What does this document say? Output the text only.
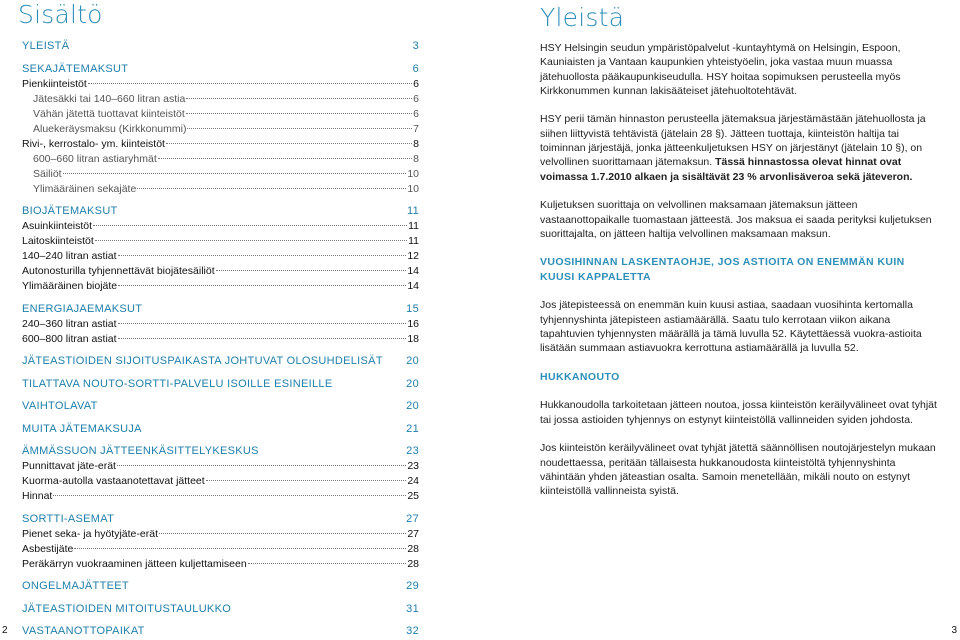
Sisältö
YLEISTÄ	3
SEKAJÄTEMAKSUT	6
Pienkiinteistöt	6
Jätesäkki tai 140–660 litran astia	6
Vähän jätettä tuottavat kiinteistöt	6
Aluekeräysmaksu (Kirkkonummi)	7
Rivi-, kerrostalo- ym. kiinteistöt	8
600–660 litran astiaryhmät	8
Säiliöt	10
Ylimääräinen sekajäte	10
BIOJÄTEMAKSUT	11
Asuinkiinteistöt	11
Laitoskiinteistöt	11
140–240 litran astiat	12
Autonosturilla tyhjennettävät biojätesäiliöt	14
Ylimääräinen biojäte	14
ENERGIAJAEMAKSUT	15
240–360 litran astiat	16
600–800 litran astiat	18
JÄTEASTIOIDEN SIJOITUSPAIKASTA JOHTUVAT OLOSUHDELISÄT 20
TILATTAVA NOUTO-SORTTI-PALVELU ISOILLE ESINEILLE	20
VAIHTOLAVAT	20
MUITA JÄTEMAKSUJA	21
ÄMMÄSSUON JÄTTEENKÄSITTELYKESKUS	23
Punnittavat jäte-erät	23
Kuorma-autolla vastaanotettavat jätteet	24
Hinnat	25
SORTTI-ASEMAT	27
Pienet seka- ja hyötyjäte-erät	27
Asbestijäte	28
Peräkärryn vuokraaminen jätteen kuljettamiseen	28
ONGELMAJÄTTEET	29
JÄTEASTIOIDEN MITOITUSTAULUKKO	31
VASTAANOTTOPAIKAT	32
2
Yleistä

HSY Helsingin seudun ympäristöpalvelut -kuntayhtymä on Helsingin, Espoon, Kauniaisten ja Vantaan kaupunkien yhteistyöelin, joka vastaa muun muassa jätehuollosta pääkaupunkiseudulla. HSY hoitaa sopimuksen perusteella myös Kirkkonummen kunnan lakisääteiset jätehuoltotehtävät.

HSY perii tämän hinnaston perusteella jätemaksua järjestämästään jätehuollosta ja siihen liittyvistä tehtävistä (jätelain 28 §). Jätteen tuottaja, kiinteistön haltija tai toiminnan järjestäjä, jonka jätteenkuljetuksen HSY on järjestänyt (jätelain 10 §), on velvollinen suorittamaan jätemaksun. Tässä hinnastossa olevat hinnat ovat voimassa 1.7.2010 alkaen ja sisältävät 23 % arvonlisäveroa sekä jäteveron.

Kuljetuksen suorittaja on velvollinen maksamaan jätemaksun jätteen vastaanottopaikalle tuomastaan jätteestä. Jos maksua ei saada perityksi kuljetuksen suorittajalta, on jätteen haltija velvollinen maksamaan maksun.

VUOSIHINNAN LASKENTAOHJE, JOS ASTIOITA ON ENEMMÄN KUIN KUUSI KAPPALETTA

Jos jätepisteessä on enemmän kuin kuusi astiaa, saadaan vuosihinta kertomalla tyhjennyshinta jätepisteen astiamäärällä. Saatu tulo kerrotaan viikon aikana tapahtuvien tyhjennysten määrällä ja tämä luvulla 52. Käytettäessä vuokra-astioita lisätään summaan astiavuokra kerrottuna astiamäärällä ja luvulla 52.

HUKKANOUTO

Hukkanoudolla tarkoitetaan jätteen noutoa, jossa kiinteistön keräilyvälineet ovat tyhjät tai jossa astioiden tyhjennys on estynyt kiinteistöllä vallinneiden syiden johdosta.

Jos kiinteistön keräilyvälineet ovat tyhjät jätettä säännöllisen noutojärjestelyn mukaan noudettaessa, peritään tällaisesta hukkanoudosta kiinteistöltä tyhjennyshinta vähintään yhden jäteastian osalta. Samoin menetellään, mikäli nouto on estynyt kiinteistöllä vallinneista syistä.

3
